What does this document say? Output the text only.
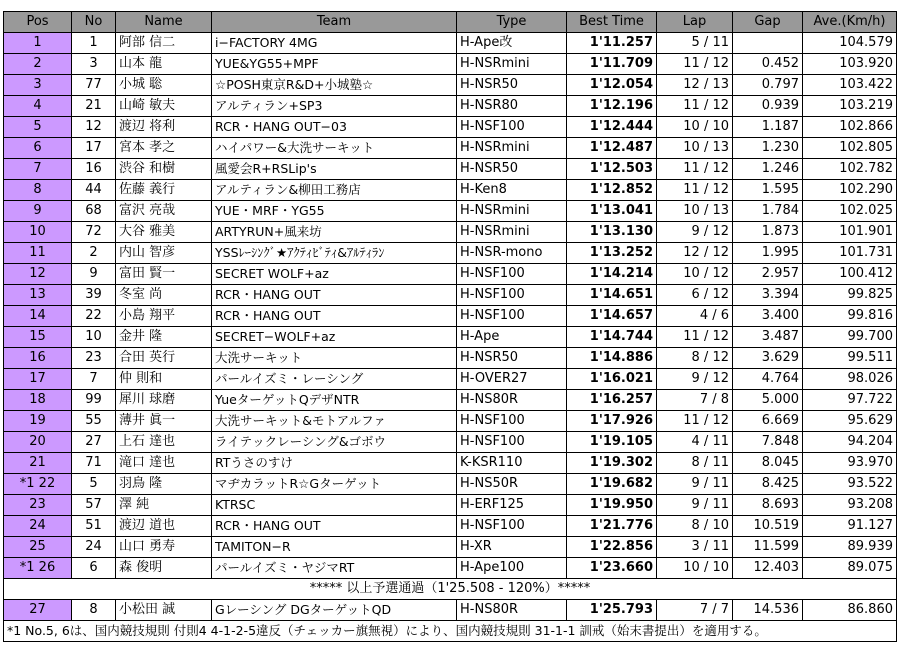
Pos	No	Name	Team	Type	Best Time	Lap	Gap	Ave.(Km/h)
1	1	阿部 信二	i−FACTORY 4MG	H-Ape改	1'11.257	5 / 11		104.579
2	3	山本 龍	YUE&YG55+MPF	H-NSRmini	1'11.709	11 / 12	0.452	103.920
3	77	小城 聡	☆POSH東京R&D+小城塾☆	H-NSR50	1'12.054	12 / 13	0.797	103.422
4	21	山崎 敏夫	アルティラン+SP3	H-NSR80	1'12.196	11 / 12	0.939	103.219
5	12	渡辺 将利	RCR・HANG OUT−03	H-NSF100	1'12.444	10 / 10	1.187	102.866
6	17	宮本 孝之	ハイパワー&大洗サーキット	H-NSRmini	1'12.487	10 / 13	1.230	102.805
7	16	渋谷 和樹	風愛会R+RSLip's	H-NSR50	1'12.503	11 / 12	1.246	102.782
8	44	佐藤 義行	アルティラン&柳田工務店	H-Ken8	1'12.852	11 / 12	1.595	102.290
9	68	富沢 亮哉	YUE・MRF・YG55	H-NSRmini	1'13.041	10 / 13	1.784	102.025
10	72	大谷 雅美	ARTYRUN+風来坊	H-NSRmini	1'13.130	9 / 12	1.873	101.901
11	2	内山 智彦	YSSﾚｰｼﾝｸﾞ★ｱｸﾃｨﾋﾞﾃｨ&ｱﾙﾃｨﾗﾝ	H-NSR-mono	1'13.252	12 / 12	1.995	101.731
12	9	富田 賢一	SECRET WOLF+az	H-NSF100	1'14.214	10 / 12	2.957	100.412
13	39	冬室 尚	RCR・HANG OUT	H-NSF100	1'14.651	6 / 12	3.394	99.825
14	22	小島 翔平	RCR・HANG OUT	H-NSF100	1'14.657	4 / 6	3.400	99.816
15	10	金井 隆	SECRET−WOLF+az	H-Ape	1'14.744	11 / 12	3.487	99.700
16	23	合田 英行	大洗サーキット	H-NSR50	1'14.886	8 / 12	3.629	99.511
17	7	仲 則和	パールイズミ・レーシング	H-OVER27	1'16.021	9 / 12	4.764	98.026
18	99	犀川 球磨	YueターゲットQデザNTR	H-NS80R	1'16.257	7 / 8	5.000	97.722
19	55	薄井 眞一	大洗サーキット&モトアルファ	H-NSF100	1'17.926	11 / 12	6.669	95.629
20	27	上石 達也	ライテックレーシング&ゴボウ	H-NSF100	1'19.105	4 / 11	7.848	94.204
21	71	滝口 達也	RTうさのすけ	K-KSR110	1'19.302	8 / 11	8.045	93.970
*1 22	5	羽鳥 隆	マヂカラットR☆Gターゲット	H-NS50R	1'19.682	9 / 11	8.425	93.522
23	57	澤 純	KTRSC	H-ERF125	1'19.950	9 / 11	8.693	93.208
24	51	渡辺 道也	RCR・HANG OUT	H-NSF100	1'21.776	8 / 10	10.519	91.127
25	24	山口 勇寿	TAMITON−R	H-XR	1'22.856	3 / 11	11.599	89.939
*1 26	6	森 俊明	パールイズミ・ヤジマRT	H-Ape100	1'23.660	10 / 10	12.403	89.075
***** 以上予選通過（1'25.508 - 120%）*****								
27	8	小松田 誠	Gレーシング DGターゲットQD	H-NS80R	1'25.793	7 / 7	14.536	86.860
*1 No.5, 6は、国内競技規則 付則4 4-1-2-5違反（チェッカー旗無視）により、国内競技規則 31-1-1 訓戒（始末書提出）を適用する。								
